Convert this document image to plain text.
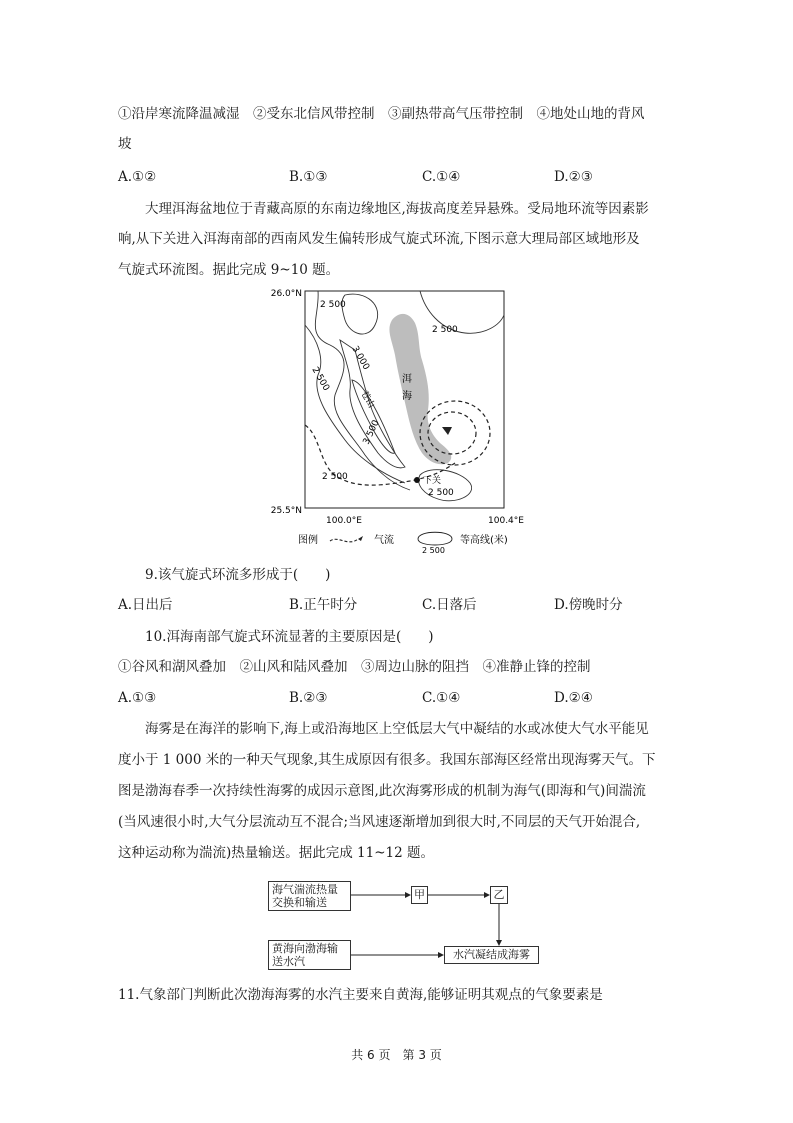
①沿岸寒流降温减湿　②受东北信风带控制　③副热带高气压带控制　④地处山地的背风
坡
A.①②	B.①③	C.①④	D.②③
　　大理洱海盆地位于青藏高原的东南边缘地区,海拔高度差异悬殊。受局地环流等因素影
响,从下关进入洱海南部的西南风发生偏转形成气旋式环流,下图示意大理局部区域地形及
气旋式环流图。据此完成 9~10 题。
26.0°N
25.5°N
100.0°E	100.4°E
洱
海
下关
2 500
2 500
2 500
3 000
3 500
苍山
2 500
2 500
图例	气流
2 500
等高线(米)
　　9.该气旋式环流多形成于(　　)
A.日出后	B.正午时分	C.日落后	D.傍晚时分
　　10.洱海南部气旋式环流显著的主要原因是(　　)
①谷风和湖风叠加　②山风和陆风叠加　③周边山脉的阻挡　④准静止锋的控制
A.①③	B.②③	C.①④	D.②④
　　海雾是在海洋的影响下,海上或沿海地区上空低层大气中凝结的水或冰使大气水平能见
度小于 1 000 米的一种天气现象,其生成原因有很多。我国东部海区经常出现海雾天气。下
图是渤海春季一次持续性海雾的成因示意图,此次海雾形成的机制为海气(即海和气)间湍流
(当风速很小时,大气分层流动互不混合;当风速逐渐增加到很大时,不同层的天气开始混合,
这种运动称为湍流)热量输送。据此完成 11~12 题。
海气湍流热量交换和输送
甲	乙
黄海向渤海输送水汽
水汽凝结成海雾
11.气象部门判断此次渤海海雾的水汽主要来自黄海,能够证明其观点的气象要素是
共 6 页　第 3 页
